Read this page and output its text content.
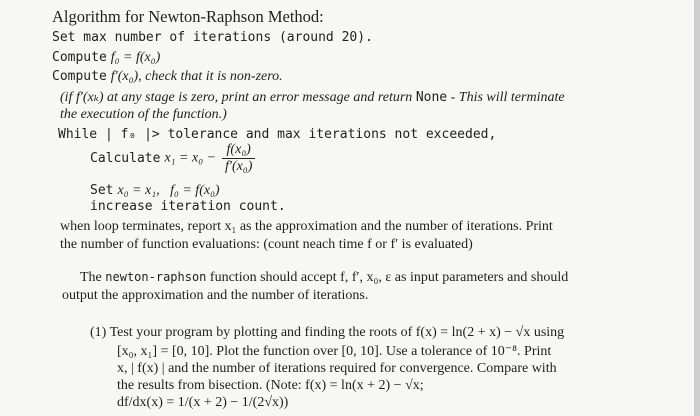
Algorithm for Newton-Raphson Method:
Set max number of iterations (around 20).
Compute f₀ = f(x₀)
Compute f′(x₀), check that it is non-zero.
(if f′(xₖ) at any stage is zero, print an error message and return None - This will terminate
the execution of the function.)
While | f₀ |> tolerance and max iterations not exceeded,
Calculate $x_1 = x_0 - \frac{\text{f(x₀)}}{\text{f′(x₀)}}$
Set x₀ = x₁,   f₀ = f(x₀)
increase iteration count.
when loop terminates, report x₁ as the approximation and the number of iterations. Print
the number of function evaluations: (count neach time f or f′ is evaluated)
The newton-raphson function should accept f, f′, x₀, ε as input parameters and should
output the approximation and the number of iterations.
(1) Test your program by plotting and finding the roots of f(x) = ln(2 + x) − √x using
[x₀, x₁] = [0, 10]. Plot the function over [0, 10]. Use a tolerance of 10⁻⁸. Print
x, | f(x) | and the number of iterations required for convergence. Compare with
the results from bisection. (Note: f(x) = ln(x + 2) − √x;
df/dx(x) = 1/(x + 2) − 1/(2√x))
